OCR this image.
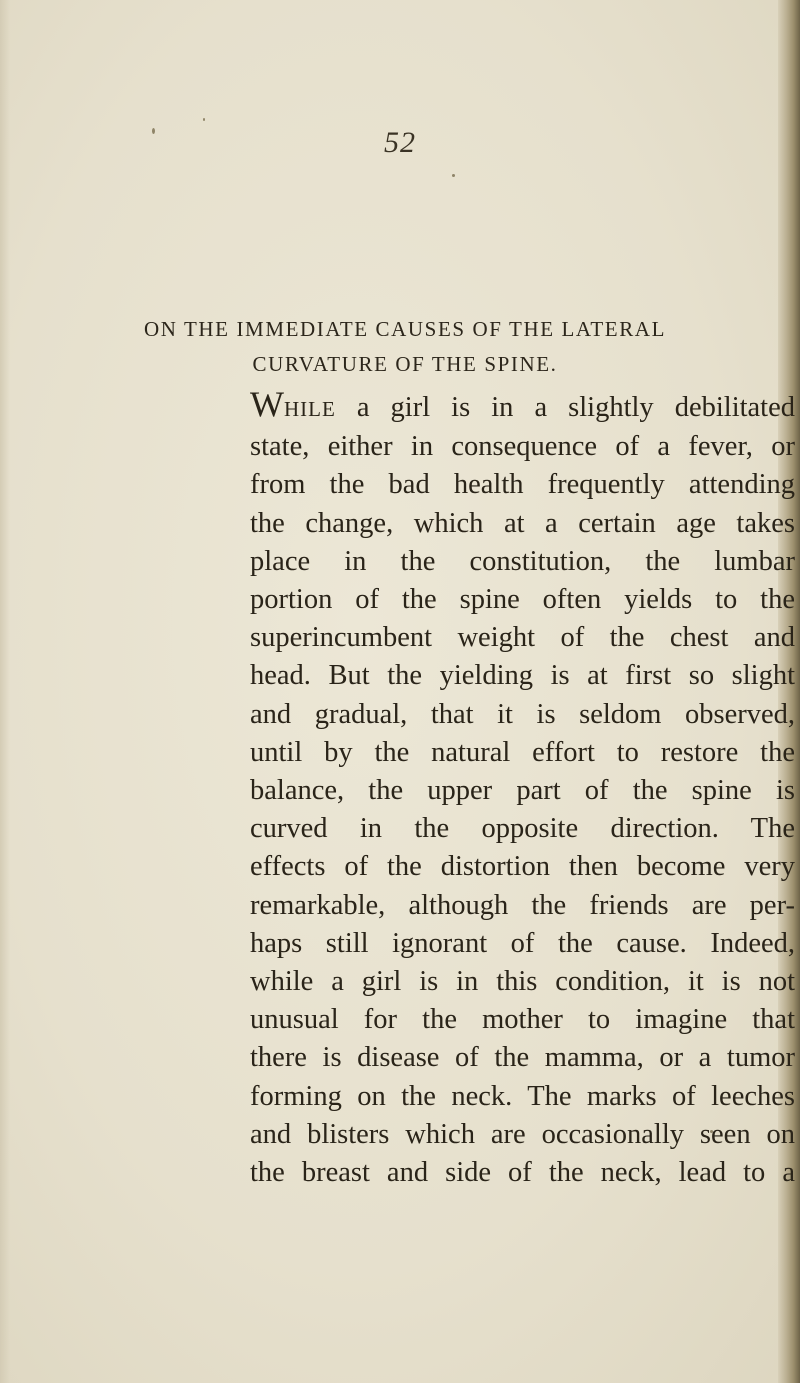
52

ON THE IMMEDIATE CAUSES OF THE LATERAL
CURVATURE OF THE SPINE.
WHILE a girl is in a slightly debilitated
state, either in consequence of a fever, or
from the bad health frequently attending
the change, which at a certain age takes
place in the constitution, the lumbar
portion of the spine often yields to the
superincumbent weight of the chest and
head. But the yielding is at first so slight
and gradual, that it is seldom observed,
until by the natural effort to restore the
balance, the upper part of the spine is
curved in the opposite direction. The
effects of the distortion then become very
remarkable, although the friends are per-
haps still ignorant of the cause. Indeed,
while a girl is in this condition, it is not
unusual for the mother to imagine that
there is disease of the mamma, or a tumor
forming on the neck. The marks of leeches
and blisters which are occasionally seen on
the breast and side of the neck, lead to a
